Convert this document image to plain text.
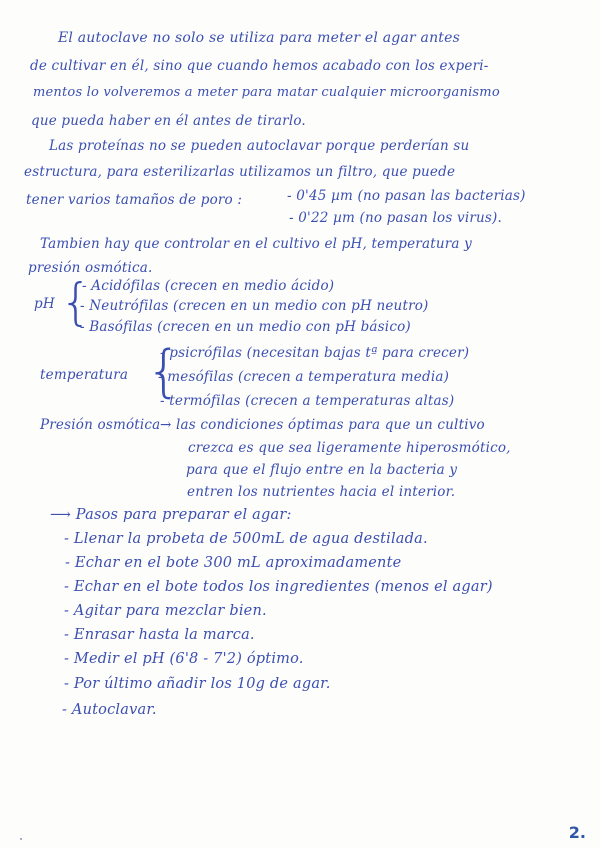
El autoclave no solo se utiliza para meter el agar antes
de cultivar en él, sino que cuando hemos acabado con los experi-
mentos lo volveremos a meter para matar cualquier microorganismo
que pueda haber en él antes de tirarlo.
Las proteínas no se pueden autoclavar porque perderían su
estructura, para esterilizarlas utilizamos un filtro, que puede
tener varios tamaños de poro :	- 0'45 µm (no pasan las bacterias)
- 0'22 µm (no pasan los virus).
Tambien hay que controlar en el cultivo el pH, temperatura y
presión osmótica.
pH {
- Acidófilas (crecen en medio ácido)
- Neutrófilas (crecen en un medio con pH neutro)
- Basófilas (crecen en un medio con pH básico)
temperatura {
- psicrófilas (necesitan bajas tª para crecer)
- mesófilas (crecen a temperatura media)
- termófilas (crecen a temperaturas altas)
Presión osmótica → las condiciones óptimas para que un cultivo
crezca es que sea ligeramente hiperosmótico,
para que el flujo entre en la bacteria y
entren los nutrientes hacia el interior.
⟶ Pasos para preparar el agar:
- Llenar la probeta de 500mL de agua destilada.
- Echar en el bote 300 mL aproximadamente
- Echar en el bote todos los ingredientes (menos el agar)
- Agitar para mezclar bien.
- Enrasar hasta la marca.
- Medir el pH (6'8 - 7'2) óptimo.
- Por último añadir los 10g de agar.
- Autoclavar.
2.
